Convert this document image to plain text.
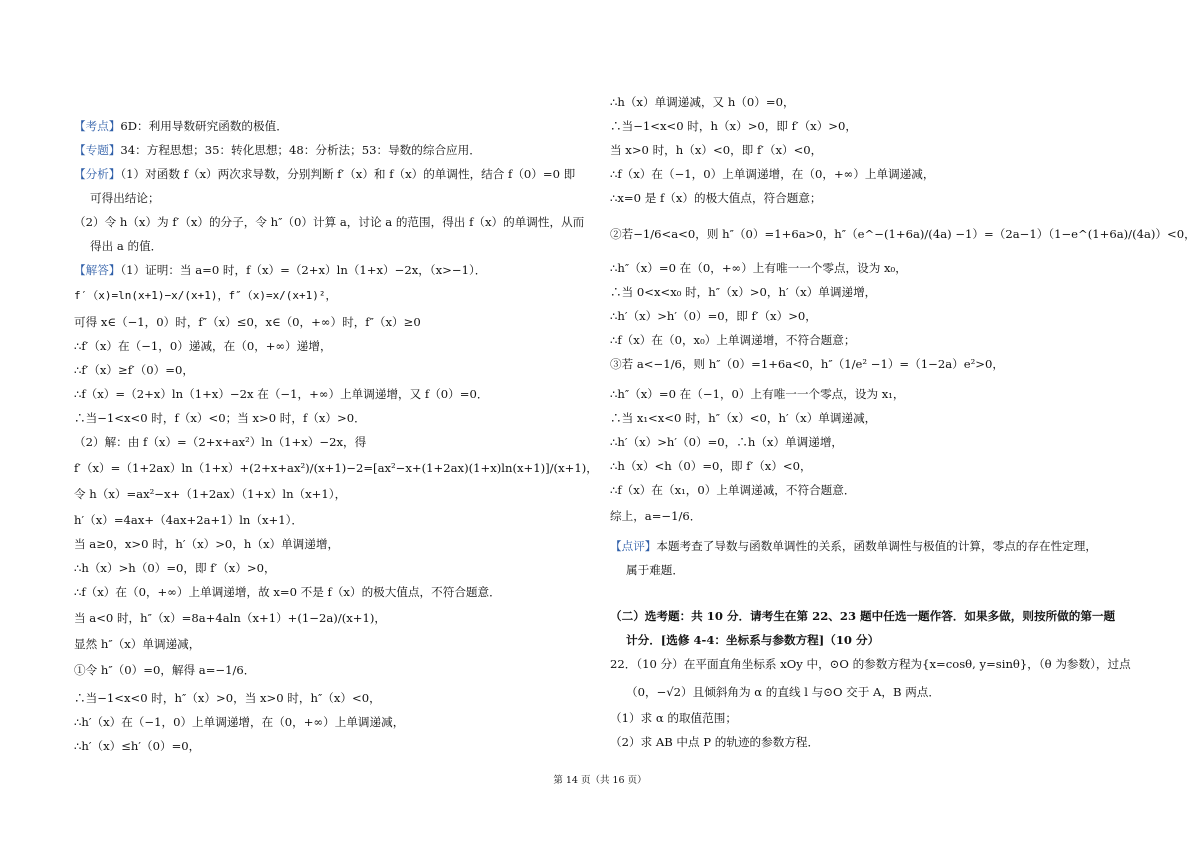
【考点】6D：利用导数研究函数的极值．
【专题】34：方程思想；35：转化思想；48：分析法；53：导数的综合应用．
【分析】（1）对函数 f（x）两次求导数，分别判断 f′（x）和 f（x）的单调性，结合 f（0）=0 即
可得出结论；
（2）令 h（x）为 f′（x）的分子，令 h″（0）计算 a，讨论 a 的范围，得出 f（x）的单调性，从而
得出 a 的值．
【解答】（1）证明：当 a=0 时，f（x）=（2+x）ln（1+x）−2x，（x>−1）．
f′（x)=ln(x+1)−x/(x+1)，f″（x)=x/(x+1)²，
可得 x∈（−1，0）时，f″（x）≤0，x∈（0，+∞）时，f″（x）≥0
∴f′（x）在（−1，0）递减，在（0，+∞）递增，
∴f′（x）≥f′（0）=0，
∴f（x）=（2+x）ln（1+x）−2x 在（−1，+∞）上单调递增，又 f（0）=0．
∴当−1<x<0 时，f（x）<0；当 x>0 时，f（x）>0．
（2）解：由 f（x）=（2+x+ax²）ln（1+x）−2x，得
f′（x）=（1+2ax）ln（1+x）+(2+x+ax²)/(x+1)−2=[ax²−x+(1+2ax)(1+x)ln(x+1)]/(x+1)，
令 h（x）=ax²−x+（1+2ax）（1+x）ln（x+1），
h′（x）=4ax+（4ax+2a+1）ln（x+1）．
当 a≥0，x>0 时，h′（x）>0，h（x）单调递增，
∴h（x）>h（0）=0，即 f′（x）>0，
∴f（x）在（0，+∞）上单调递增，故 x=0 不是 f（x）的极大值点，不符合题意．
当 a<0 时，h″（x）=8a+4aln（x+1）+(1−2a)/(x+1)，
显然 h″（x）单调递减，
①令 h″（0）=0，解得 a=−1/6．
∴当−1<x<0 时，h″（x）>0，当 x>0 时，h″（x）<0，
∴h′（x）在（−1，0）上单调递增，在（0，+∞）上单调递减，
∴h′（x）≤h′（0）=0，
∴h（x）单调递减，又 h（0）=0，
∴当−1<x<0 时，h（x）>0，即 f′（x）>0，
当 x>0 时，h（x）<0，即 f′（x）<0，
∴f（x）在（−1，0）上单调递增，在（0，+∞）上单调递减，
∴x=0 是 f（x）的极大值点，符合题意；
②若−1/6<a<0，则 h″（0）=1+6a>0，h″（e^−(1+6a)/(4a) −1）=（2a−1）（1−e^(1+6a)/(4a)）<0，
∴h″（x）=0 在（0，+∞）上有唯一一个零点，设为 x₀，
∴当 0<x<x₀ 时，h″（x）>0，h′（x）单调递增，
∴h′（x）>h′（0）=0，即 f′（x）>0，
∴f（x）在（0，x₀）上单调递增，不符合题意；
③若 a<−1/6，则 h″（0）=1+6a<0，h″（1/e² −1）=（1−2a）e²>0，
∴h″（x）=0 在（−1，0）上有唯一一个零点，设为 x₁，
∴当 x₁<x<0 时，h″（x）<0，h′（x）单调递减，
∴h′（x）>h′（0）=0，∴h（x）单调递增，
∴h（x）<h（0）=0，即 f′（x）<0，
∴f（x）在（x₁，0）上单调递减，不符合题意．
综上，a=−1/6．
【点评】本题考查了导数与函数单调性的关系，函数单调性与极值的计算，零点的存在性定理，
属于难题．
（二）选考题：共 10 分．请考生在第 22、23 题中任选一题作答．如果多做，则按所做的第一题
计分．[选修 4-4：坐标系与参数方程]（10 分）
22．（10 分）在平面直角坐标系 xOy 中，⊙O 的参数方程为{x=cosθ, y=sinθ}，（θ 为参数），过点
（0，−√2）且倾斜角为 α 的直线 l 与⊙O 交于 A，B 两点．
（1）求 α 的取值范围；
（2）求 AB 中点 P 的轨迹的参数方程．
第 14 页（共 16 页）
